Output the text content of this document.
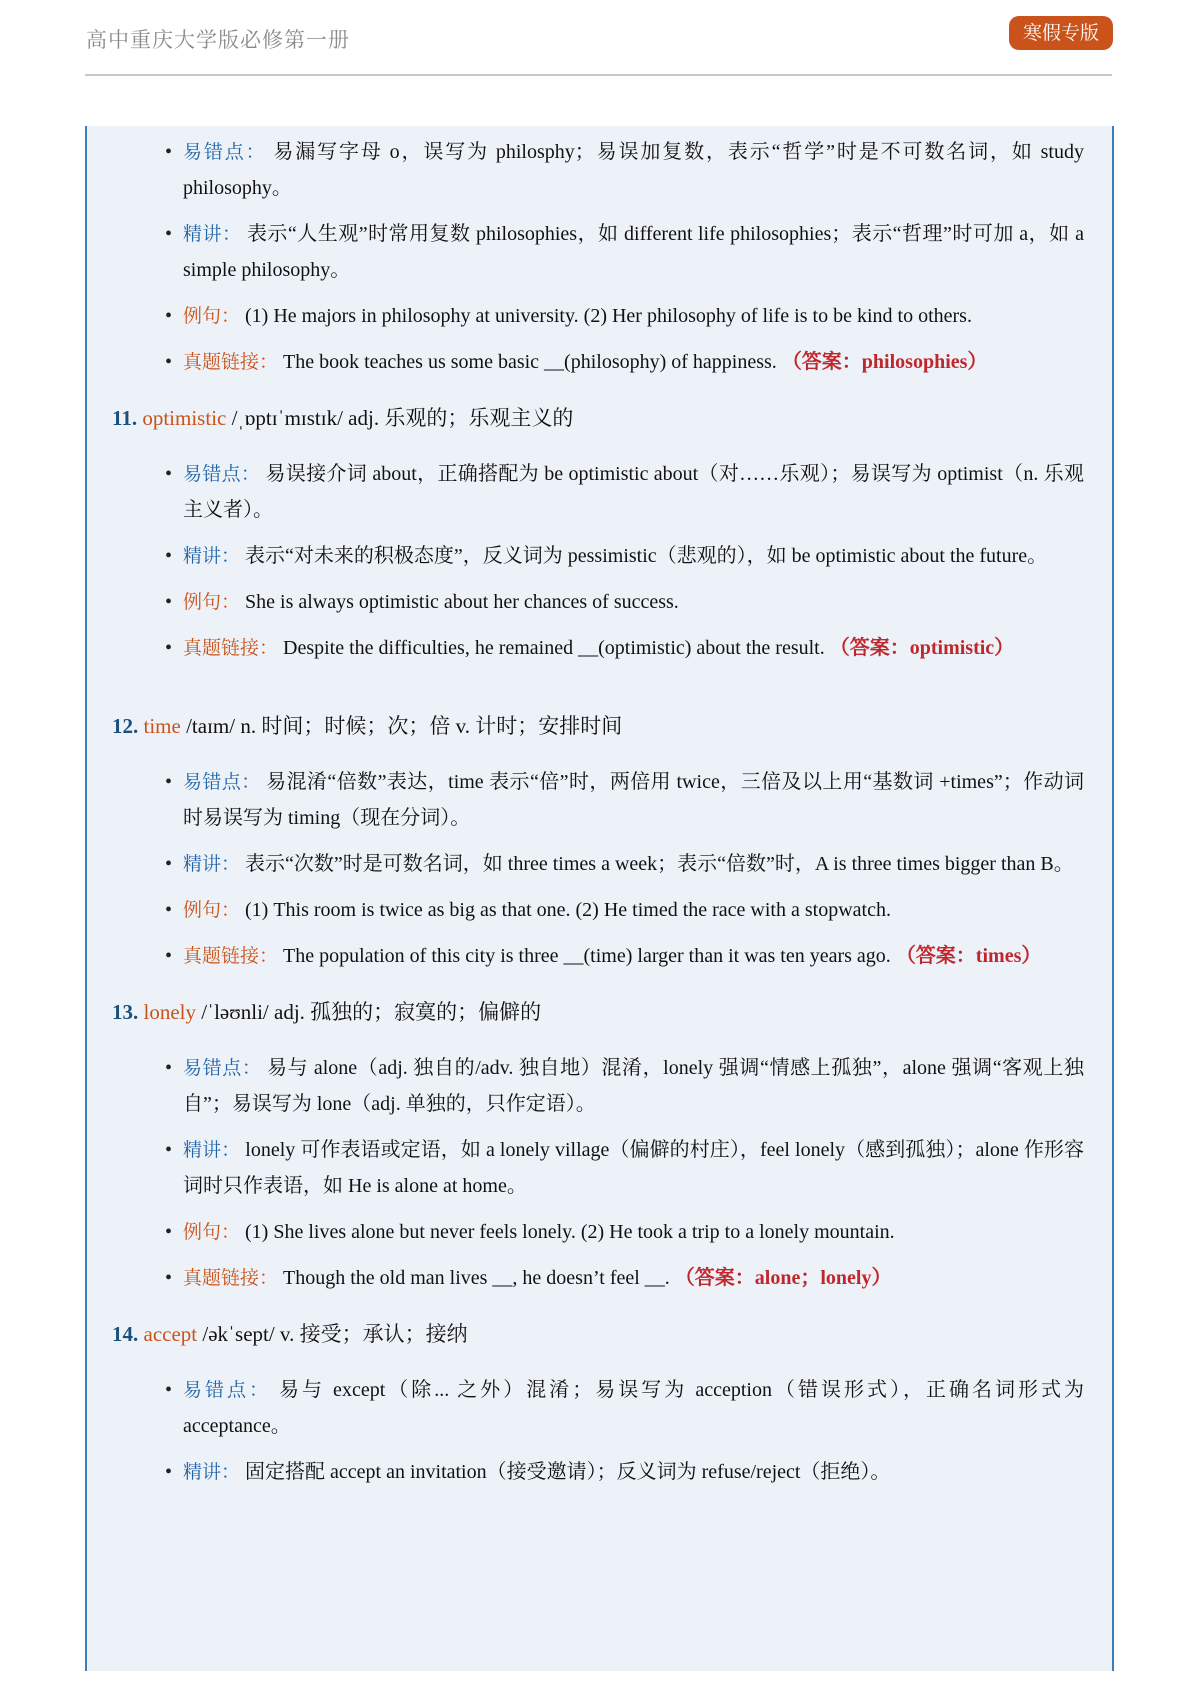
高中重庆大学版必修第一册	寒假专版
• 易错点： 易漏写字母 o，误写为 philosphy；易误加复数，表示“哲学”时是不可数名词，如 study philosophy。
• 精讲： 表示“人生观”时常用复数 philosophies，如 different life philosophies；表示“哲理”时可加 a，如 a simple philosophy。
• 例句： (1) He majors in philosophy at university. (2) Her philosophy of life is to be kind to others.
• 真题链接： The book teaches us some basic __(philosophy) of happiness. （答案：philosophies）
11. optimistic /ˌɒptɪˈmɪstɪk/ adj. 乐观的；乐观主义的
• 易错点： 易误接介词 about，正确搭配为 be optimistic about（对……乐观）；易误写为 optimist（n. 乐观主义者）。
• 精讲： 表示“对未来的积极态度”，反义词为 pessimistic（悲观的），如 be optimistic about the future。
• 例句： She is always optimistic about her chances of success.
• 真题链接： Despite the difficulties, he remained __(optimistic) about the result. （答案：optimistic）
12. time /taɪm/ n. 时间；时候；次；倍 v. 计时；安排时间
• 易错点： 易混淆“倍数”表达，time 表示“倍”时，两倍用 twice，三倍及以上用“基数词 +times”；作动词时易误写为 timing（现在分词）。
• 精讲： 表示“次数”时是可数名词，如 three times a week；表示“倍数”时，A is three times bigger than B。
• 例句： (1) This room is twice as big as that one. (2) He timed the race with a stopwatch.
• 真题链接： The population of this city is three __(time) larger than it was ten years ago. （答案：times）
13. lonely /ˈləʊnli/ adj. 孤独的；寂寞的；偏僻的
• 易错点： 易与 alone（adj. 独自的/adv. 独自地）混淆，lonely 强调“情感上孤独”，alone 强调“客观上独自”；易误写为 lone（adj. 单独的，只作定语）。
• 精讲： lonely 可作表语或定语，如 a lonely village（偏僻的村庄），feel lonely（感到孤独）；alone 作形容词时只作表语，如 He is alone at home。
• 例句： (1) She lives alone but never feels lonely. (2) He took a trip to a lonely mountain.
• 真题链接： Though the old man lives __, he doesn’t feel __. （答案：alone；lonely）
14. accept /əkˈsept/ v. 接受；承认；接纳
• 易错点： 易与 except（除... 之外）混淆；易误写为 acception（错误形式），正确名词形式为 acceptance。
• 精讲： 固定搭配 accept an invitation（接受邀请）；反义词为 refuse/reject（拒绝）。
